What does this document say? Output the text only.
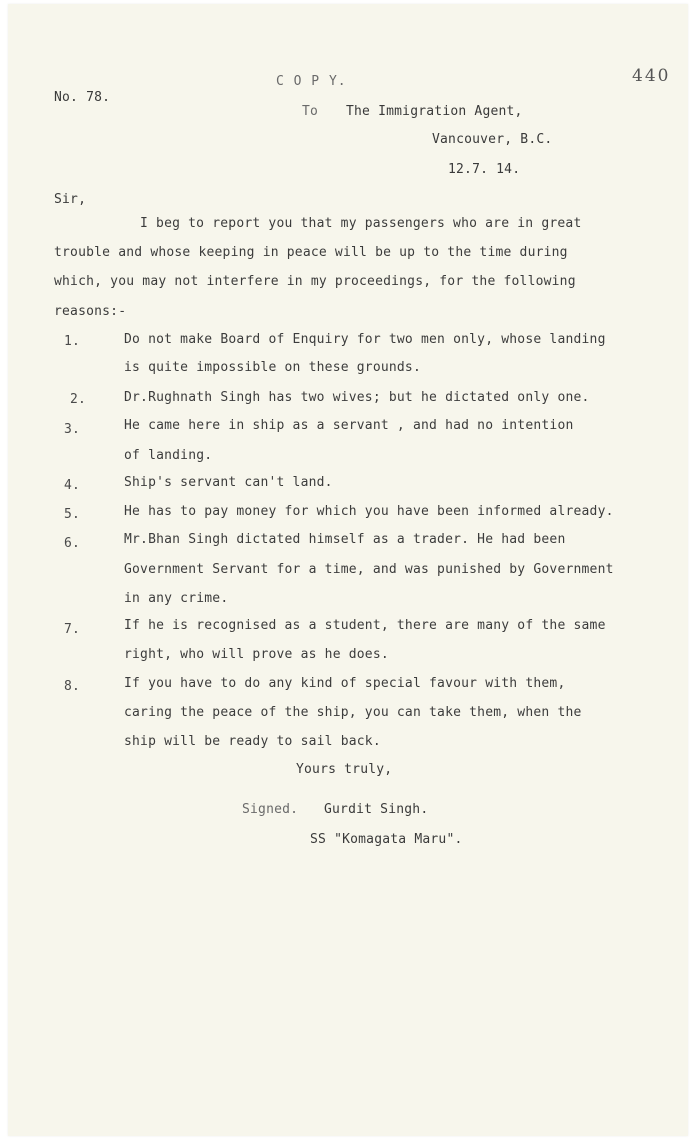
440
No. 78.
C O P Y.
To The Immigration Agent,
Vancouver, B.C.
12.7. 14.
Sir,
I beg to report you that my passengers who are in great
trouble and whose keeping in peace will be up to the time during
which, you may not interfere in my proceedings, for the following
reasons:-
1.	Do not make Board of Enquiry for two men only, whose landing
is quite impossible on these grounds.
2.	Dr.Rughnath Singh has two wives; but he dictated only one.
3.	He came here in ship as a servant , and had no intention
of landing.
4.	Ship's servant can't land.
5.	He has to pay money for which you have been informed already.
6.	Mr.Bhan Singh dictated himself as a trader. He had been
Government Servant for a time, and was punished by Government
in any crime.
7.	If he is recognised as a student, there are many of the same
right, who will prove as he does.
8.	If you have to do any kind of special favour with them,
caring the peace of the ship, you can take them, when the
ship will be ready to sail back.
Yours truly,
Signed. Gurdit Singh.
SS "Komagata Maru".
